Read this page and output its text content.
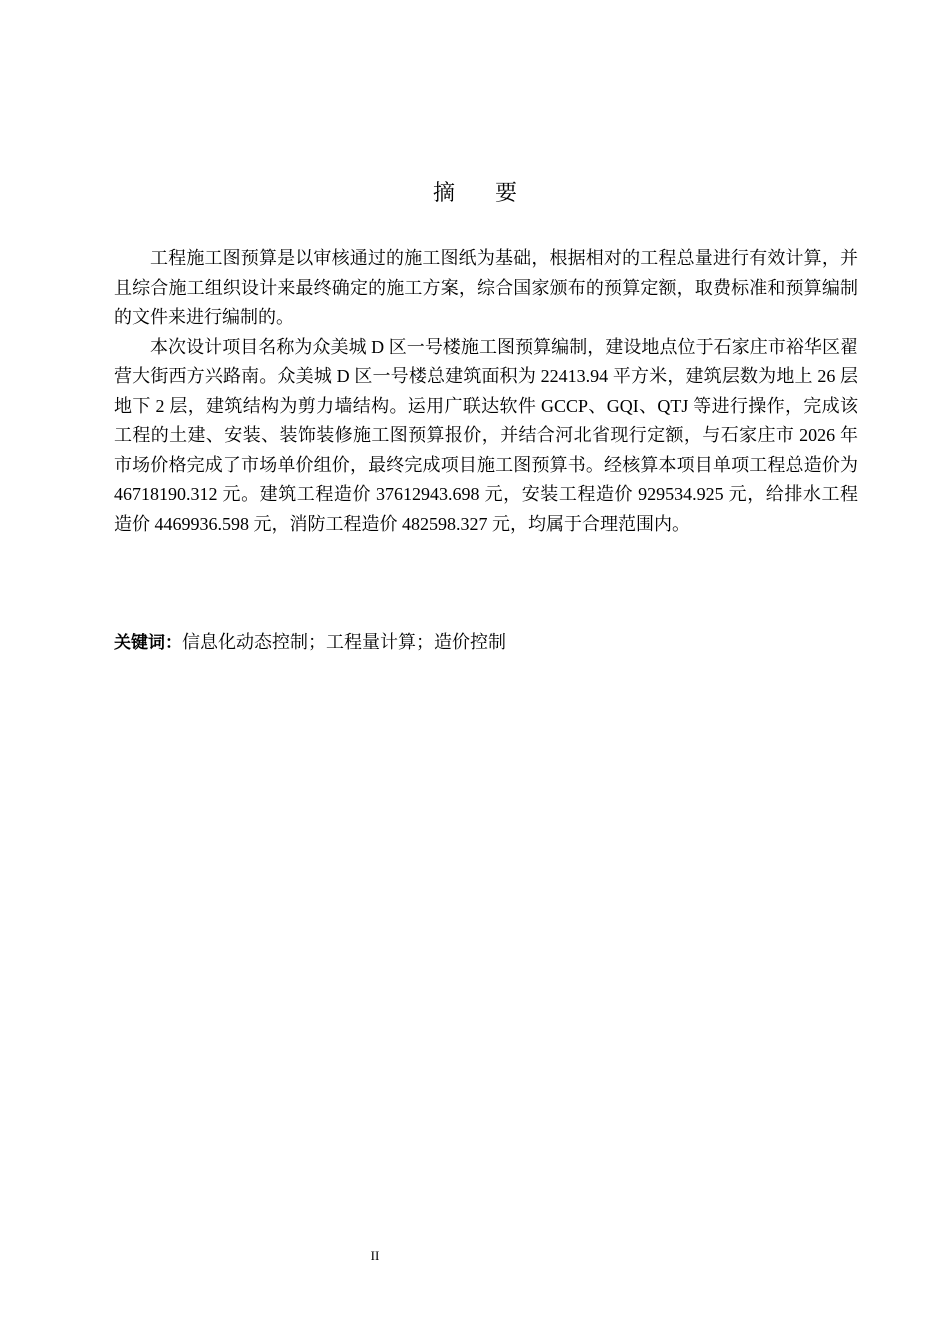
摘要

工程施工图预算是以审核通过的施工图纸为基础，根据相对的工程总量进行有效计算，并且综合施工组织设计来最终确定的施工方案，综合国家颁布的预算定额，取费标准和预算编制的文件来进行编制的。

本次设计项目名称为众美城 D 区一号楼施工图预算编制，建设地点位于石家庄市裕华区翟营大街西方兴路南。众美城 D 区一号楼总建筑面积为 22413.94 平方米，建筑层数为地上 26 层地下 2 层，建筑结构为剪力墙结构。运用广联达软件 GCCP、GQI、QTJ 等进行操作，完成该工程的土建、安装、装饰装修施工图预算报价，并结合河北省现行定额，与石家庄市 2026 年市场价格完成了市场单价组价，最终完成项目施工图预算书。经核算本项目单项工程总造价为 46718190.312 元。建筑工程造价 37612943.698 元，安装工程造价 929534.925 元，给排水工程造价 4469936.598 元，消防工程造价 482598.327 元，均属于合理范围内。

关键词：信息化动态控制；工程量计算；造价控制
II
